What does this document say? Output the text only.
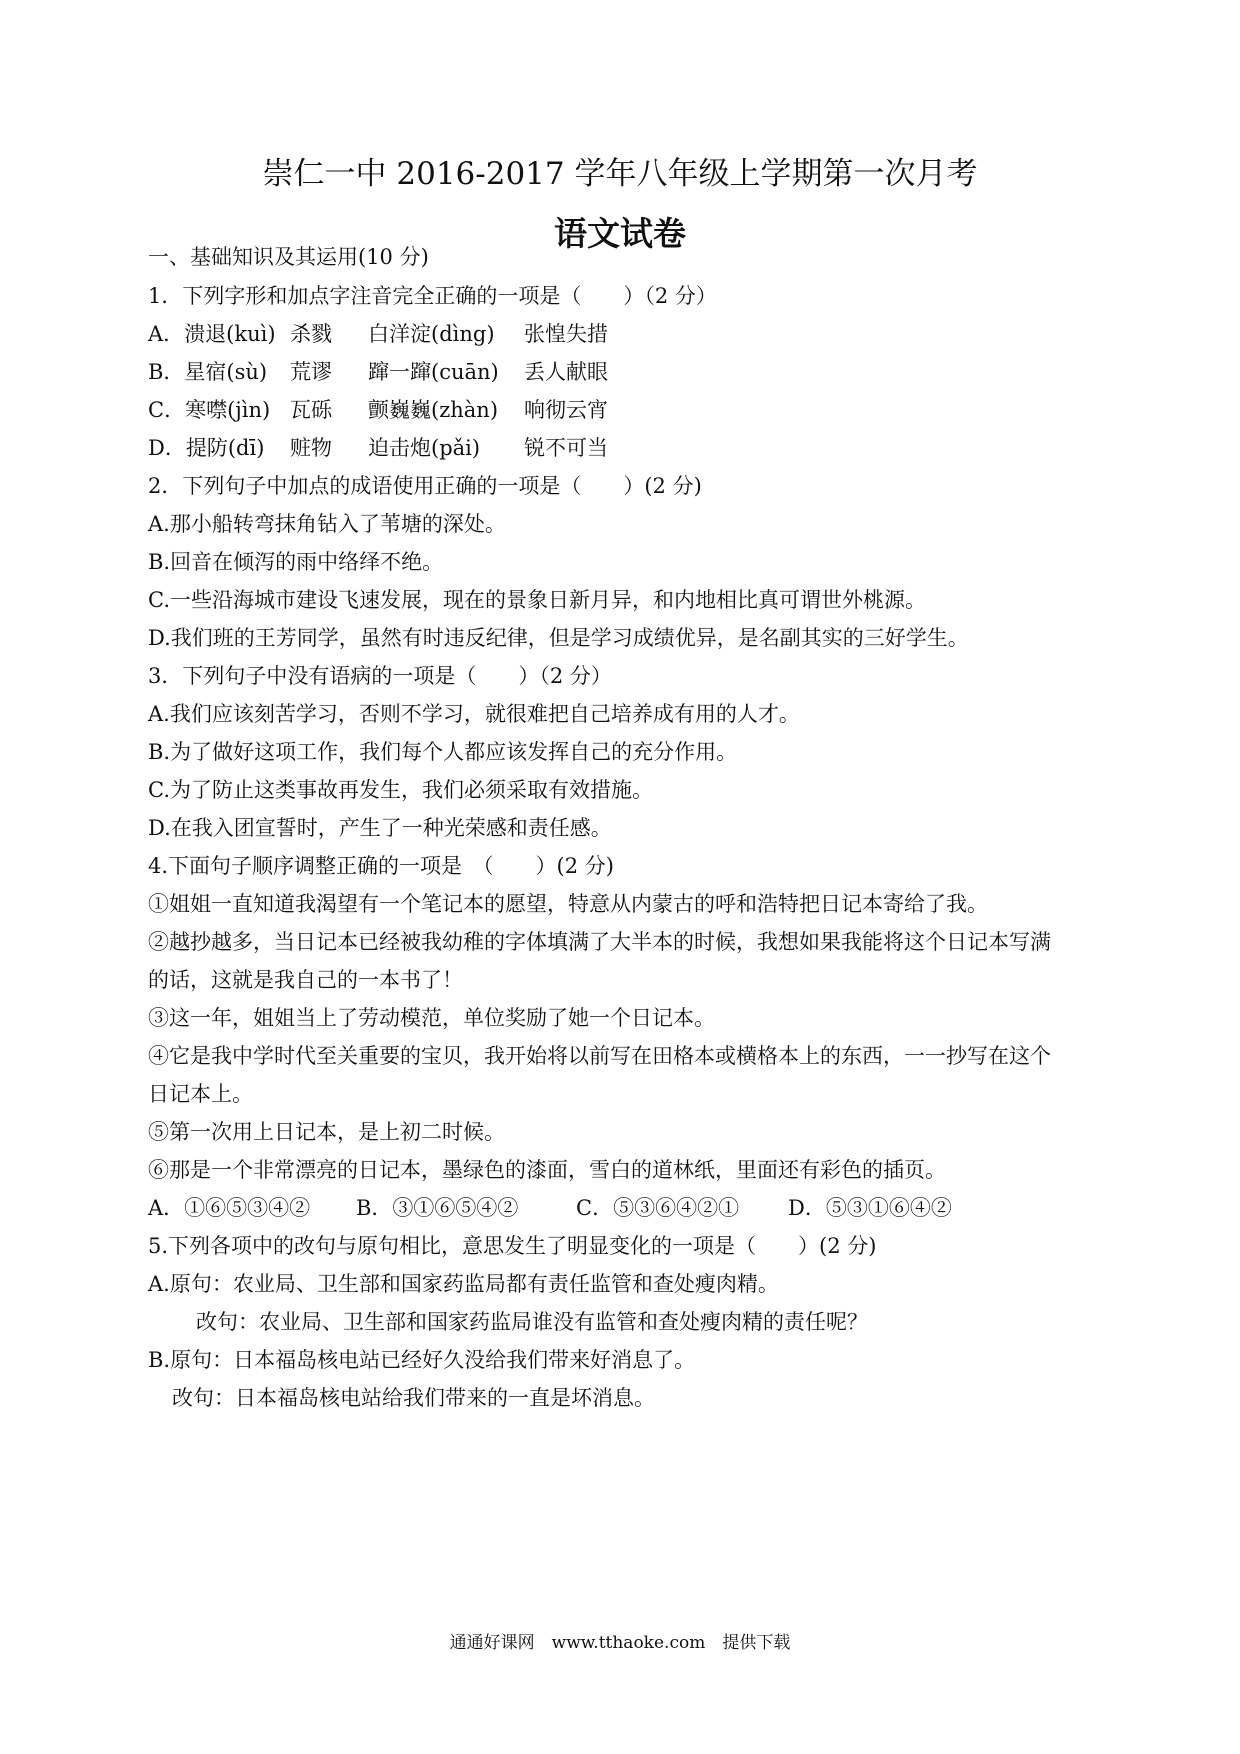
崇仁一中 2016-2017 学年八年级上学期第一次月考
语文试卷
一、基础知识及其运用(10 分)
1．下列字形和加点字注音完全正确的一项是（　　）（2 分）
A．溃退(kuì) 杀戮 白洋淀(dìng) 张惶失措
B．星宿(sù) 荒谬 蹿一蹿(cuān) 丢人献眼
C．寒噤(jìn) 瓦砾 颤巍巍(zhàn) 响彻云宵
D．提防(dī) 赃物 迫击炮(pǎi) 锐不可当
2．下列句子中加点的成语使用正确的一项是（　　）(2 分)
A.那小船转弯抹角钻入了苇塘的深处。
B.回音在倾泻的雨中络绎不绝。
C.一些沿海城市建设飞速发展，现在的景象日新月异，和内地相比真可谓世外桃源。
D.我们班的王芳同学，虽然有时违反纪律，但是学习成绩优异，是名副其实的三好学生。
3．下列句子中没有语病的一项是（　　）（2 分）
A.我们应该刻苦学习，否则不学习，就很难把自己培养成有用的人才。
B.为了做好这项工作，我们每个人都应该发挥自己的充分作用。
C.为了防止这类事故再发生，我们必须采取有效措施。
D.在我入团宣誓时，产生了一种光荣感和责任感。
4.下面句子顺序调整正确的一项是　（　　）(2 分)
①姐姐一直知道我渴望有一个笔记本的愿望，特意从内蒙古的呼和浩特把日记本寄给了我。
②越抄越多，当日记本已经被我幼稚的字体填满了大半本的时候，我想如果我能将这个日记本写满
的话，这就是我自己的一本书了！
③这一年，姐姐当上了劳动模范，单位奖励了她一个日记本。
④它是我中学时代至关重要的宝贝，我开始将以前写在田格本或横格本上的东西，一一抄写在这个
日记本上。
⑤第一次用上日记本，是上初二时候。
⑥那是一个非常漂亮的日记本，墨绿色的漆面，雪白的道林纸，里面还有彩色的插页。
A．①⑥⑤③④② B．③①⑥⑤④②	C．⑤③⑥④②① D．⑤③①⑥④②
5.下列各项中的改句与原句相比，意思发生了明显变化的一项是（　　）(2 分)
A.原句：农业局、卫生部和国家药监局都有责任监管和查处瘦肉精。
改句：农业局、卫生部和国家药监局谁没有监管和查处瘦肉精的责任呢？
B.原句：日本福岛核电站已经好久没给我们带来好消息了。
改句：日本福岛核电站给我们带来的一直是坏消息。
通通好课网　www.tthaoke.com　提供下载
